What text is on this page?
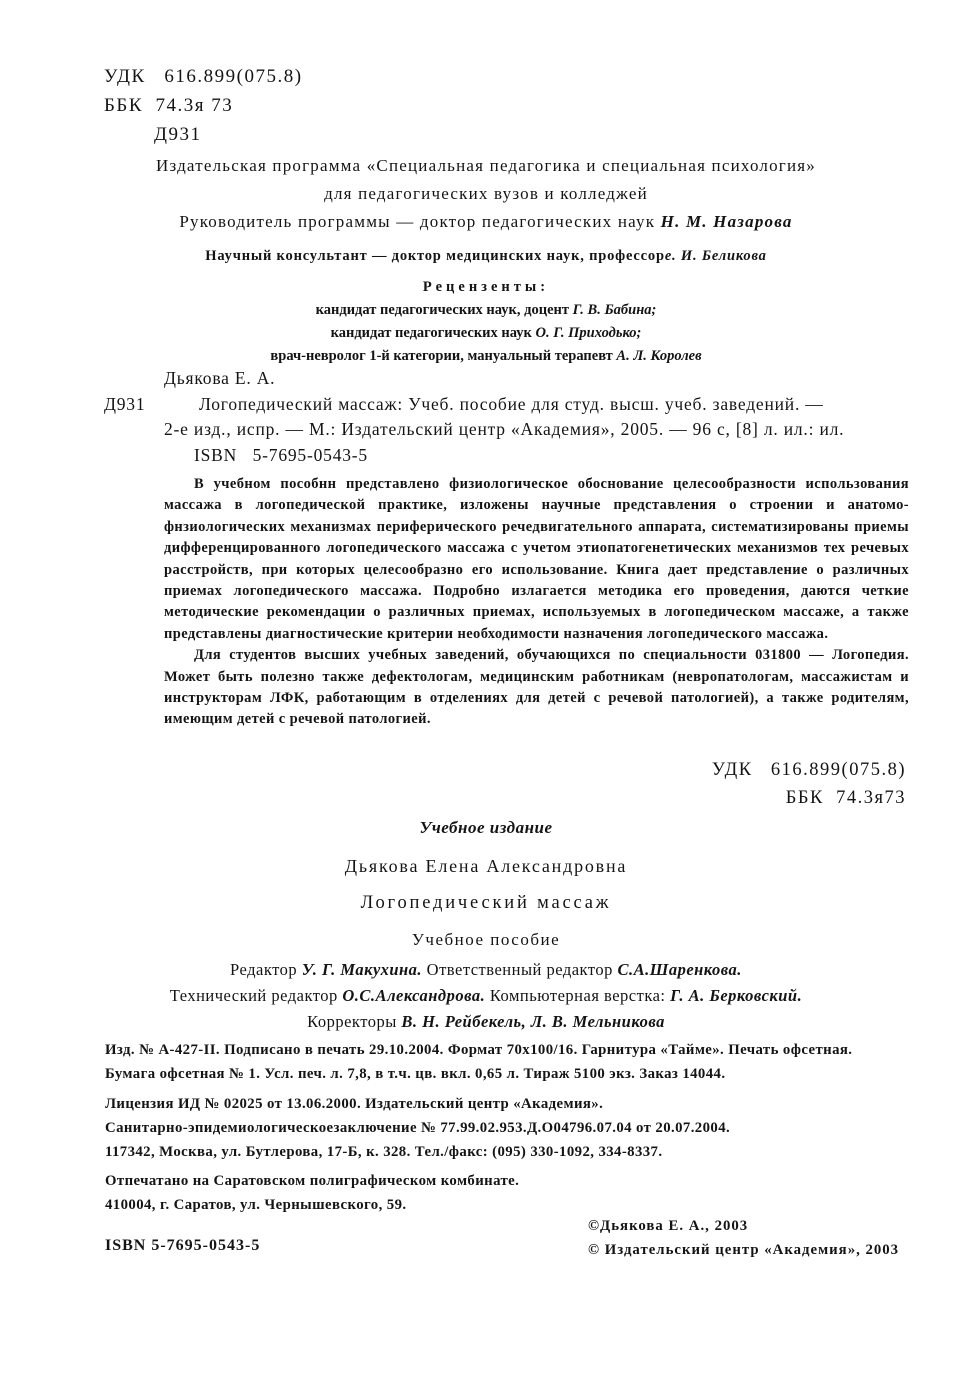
УДК   616.899(075.8)
ББК  74.3я 73
Д931
Издательская программа «Специальная педагогика и специальная психология»
для педагогических вузов и колледжей
Руководитель программы — доктор педагогических наук Н. М. Назарова
Научный консультант — доктор медицинских наук, профессоре. И. Беликова
Рецензенты:
кандидат педагогических наук, доцент Г. В. Бабина;
кандидат педагогических наук О. Г. Приходько;
врач-невролог 1-й категории, мануальный терапевт А. Л. Королев
Дьякова Е. А.
Д931	Логопедический массаж: Учеб. пособие для студ. высш. учеб. заведений. —
2-е изд., испр. — М.: Издательский центр «Академия», 2005. — 96 с, [8] л. ил.: ил.
ISBN   5-7695-0543-5

В учебном пособнн представлено физиологическое обоснование целесообразности использования массажа в логопедической практике, изложены научные представления о строении и анатомо-фнзиологических механизмах периферического речедвигательного аппарата, систематизированы приемы дифференцированного логопедического массажа с учетом этиопатогенетических механизмов тех речевых расстройств, при которых целесообразно его использование. Книга дает представление о различных приемах логопедического массажа. Подробно излагается методика его проведения, даются четкие методические рекомендации о различных приемах, используемых в логопедическом массаже, а также представлены диагностические критерии необходимости назначения логопедического массажа.

Для студентов высших учебных заведений, обучающихся по специальности 031800 — Логопедия. Может быть полезно также дефектологам, медицинским работникам (невропатологам, массажистам и инструкторам ЛФК, работающим в отделениях для детей с речевой патологией), а также родителям, имеющим детей с речевой патологией.

УДК   616.899(075.8)
ББК  74.3я73
Учебное издание
Дьякова Елена Александровна
Логопедический массаж
Учебное пособие
Редактор У. Г. Макухина. Ответственный редактор С.А.Шаренкова.
Технический редактор О.С.Александрова. Компьютерная верстка: Г. А. Берковский.
Корректоры В. Н. Рейбекель, Л. В. Мельникова
Изд. № А-427-II. Подписано в печать 29.10.2004. Формат 70х100/16. Гарнитура «Тайме». Печать офсетная.
Бумага офсетная № 1. Усл. печ. л. 7,8, в т.ч. цв. вкл. 0,65 л. Тираж 5100 экз. Заказ 14044.
Лицензия ИД № 02025 от 13.06.2000. Издательский центр «Академия».
Санитарно-эпидемиологическоезаключение № 77.99.02.953.Д.О04796.07.04 от 20.07.2004.
117342, Москва, ул. Бутлерова, 17-Б, к. 328. Тел./факс: (095) 330-1092, 334-8337.
Отпечатано на Саратовском полиграфическом комбинате.
410004, г. Саратов, ул. Чернышевского, 59.
©Дьякова Е. А., 2003
© Издательский центр «Академия», 2003
ISBN 5-7695-0543-5
